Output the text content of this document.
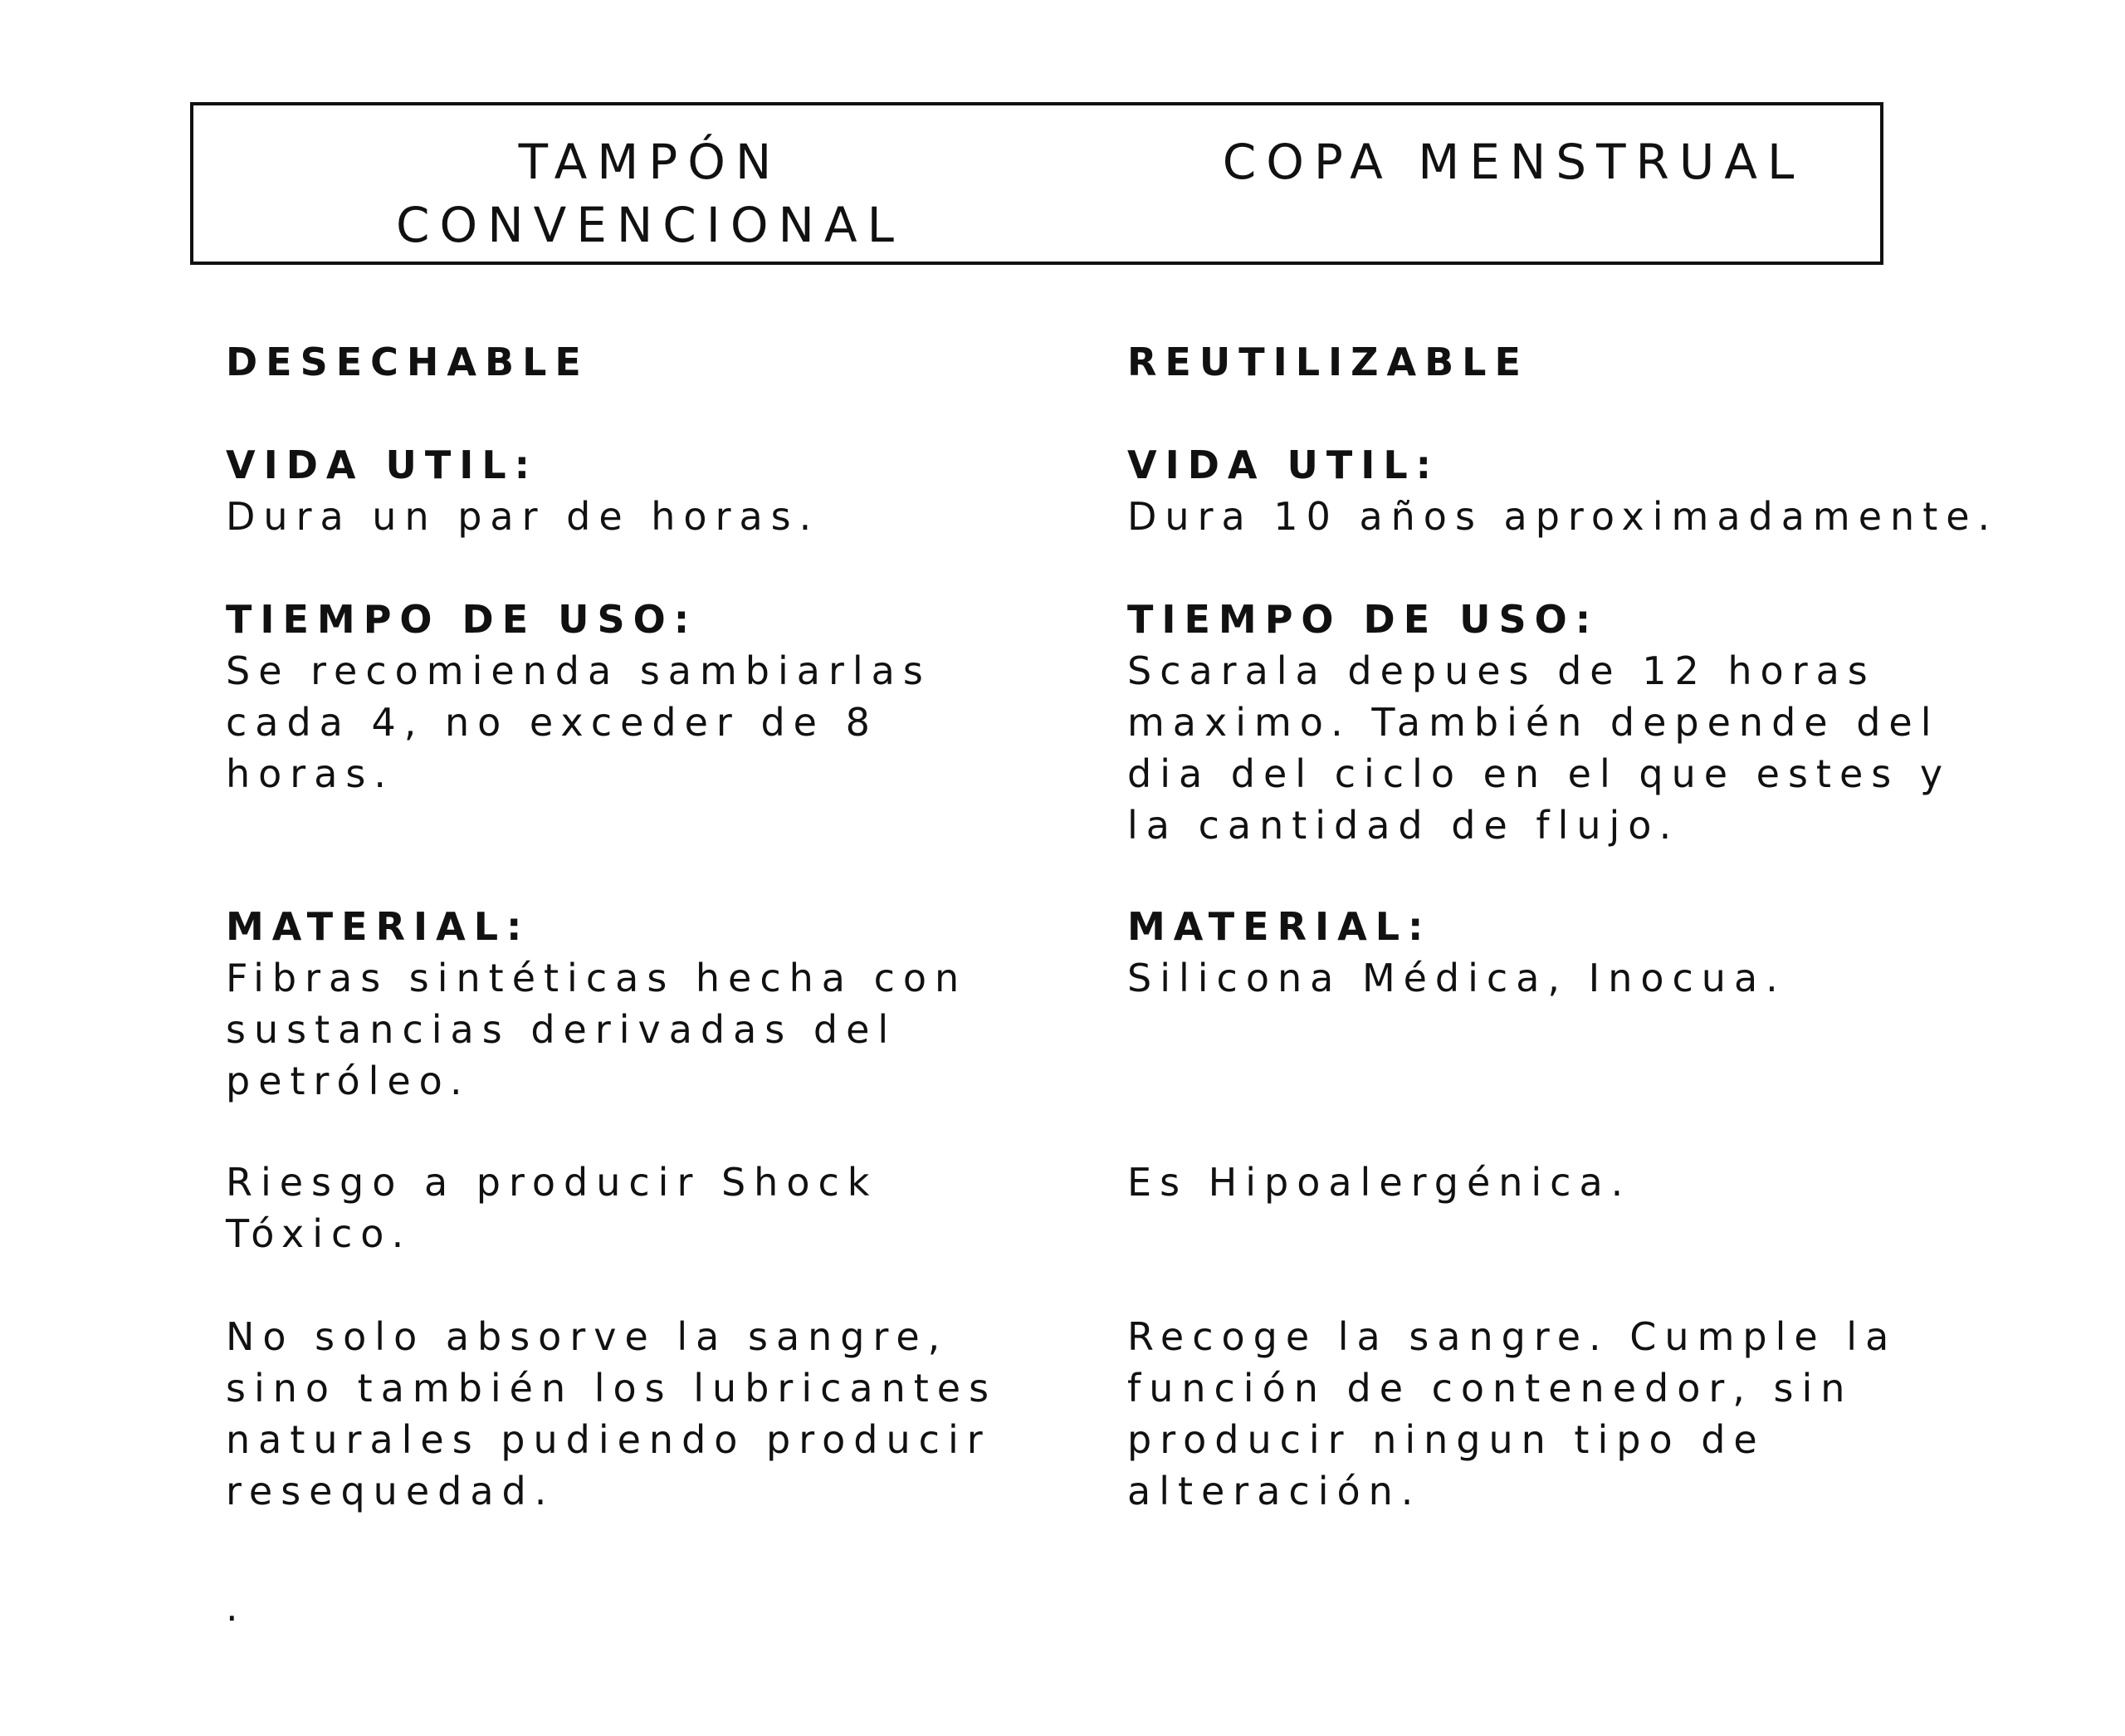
TAMPÓN
CONVENCIONAL
COPA MENSTRUAL
DESECHABLE
VIDA UTIL:
Dura un par de horas.
TIEMPO DE USO:
Se recomienda sambiarlas
cada 4, no exceder de 8
horas.
MATERIAL:
Fibras sintéticas hecha con
sustancias derivadas del
petróleo.
Riesgo a producir Shock
Tóxico.
No solo absorve la sangre,
sino también los lubricantes
naturales pudiendo producir
resequedad.
.
REUTILIZABLE
VIDA UTIL:
Dura 10 años aproximadamente.
TIEMPO DE USO:
Scarala depues de 12 horas
maximo. También depende del
dia del ciclo en el que estes y
la cantidad de flujo.
MATERIAL:
Silicona Médica, Inocua.
Es Hipoalergénica.
Recoge la sangre. Cumple la
función de contenedor, sin
producir ningun tipo de
alteración.
